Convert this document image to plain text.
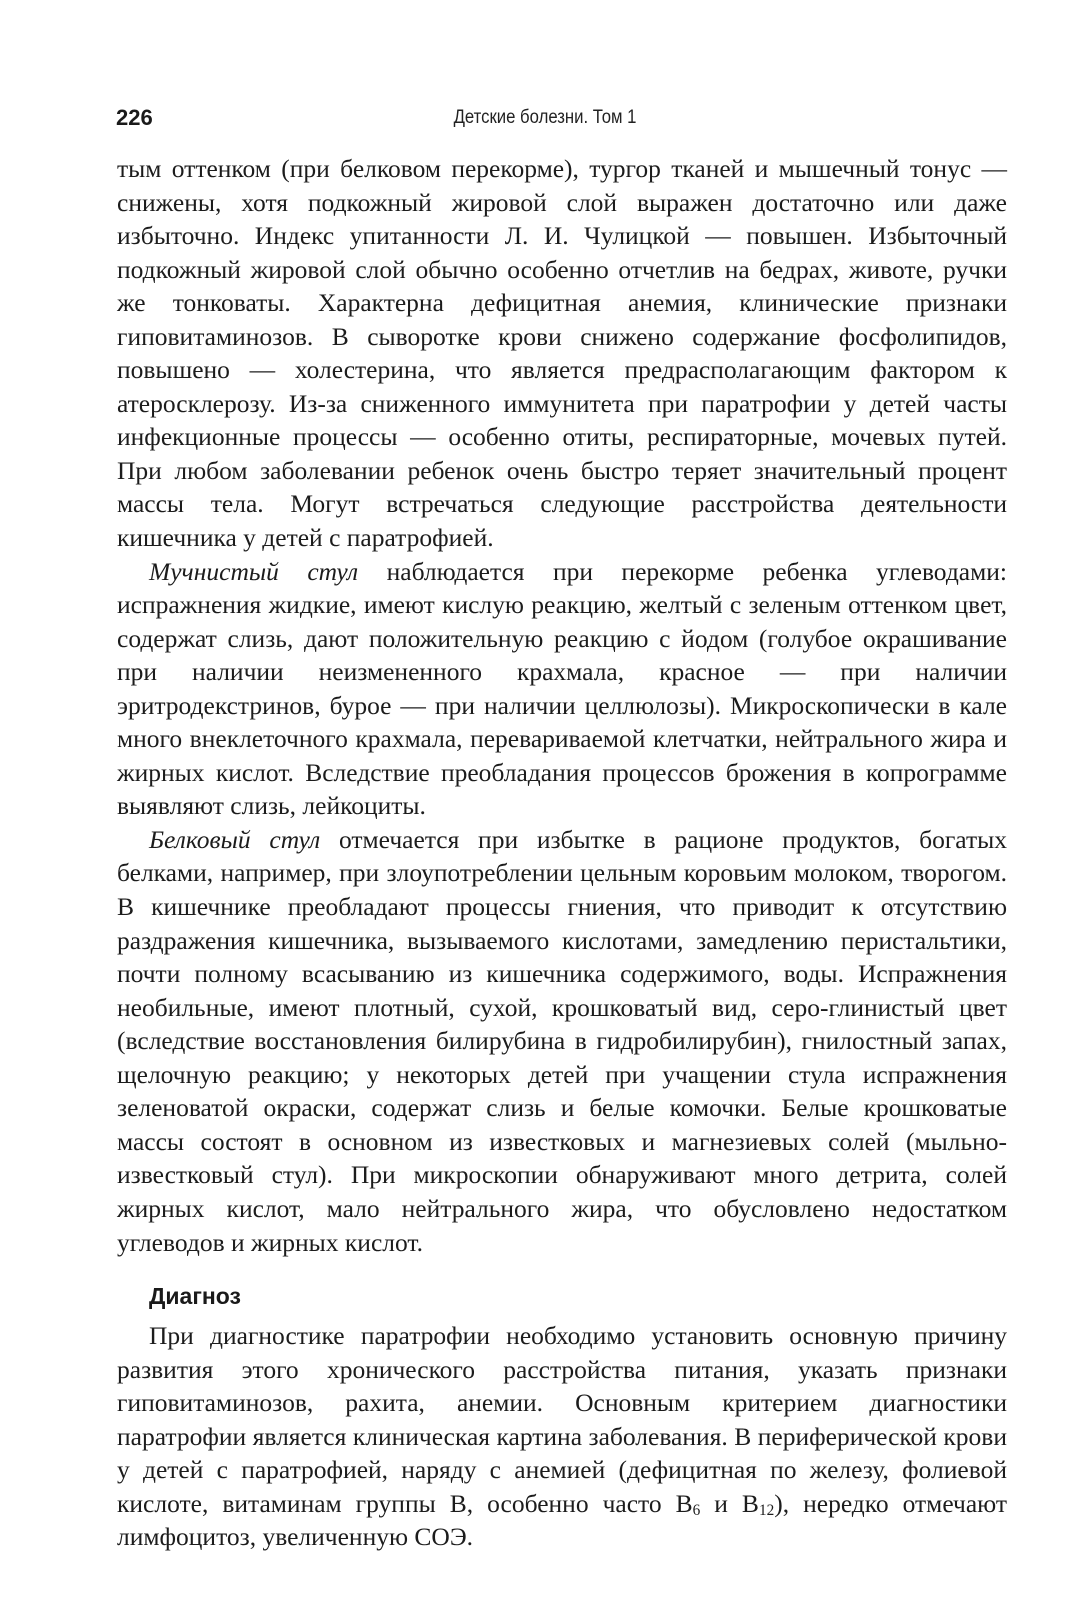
226	Детские болезни. Том 1

тым оттенком (при белковом перекорме), тургор тканей и мышечный тонус — снижены, хотя подкожный жировой слой выражен достаточно или даже избыточно. Индекс упитанности Л. И. Чулицкой — повышен. Избыточный подкожный жировой слой обычно особенно отчетлив на бедрах, животе, ручки же тонковаты. Характерна дефицитная анемия, клинические признаки гиповитаминозов. В сыворотке крови снижено содержание фосфолипидов, повышено — холестерина, что является предрасполагающим фактором к атеросклерозу. Из-за сниженного иммунитета при паратрофии у детей часты инфекционные процессы — особенно отиты, респираторные, мочевых путей. При любом заболевании ребенок очень быстро теряет значительный процент массы тела. Могут встречаться следующие расстройства деятельности кишечника у детей с паратрофией.

Мучнистый стул наблюдается при перекорме ребенка углеводами: испражнения жидкие, имеют кислую реакцию, желтый с зеленым оттенком цвет, содержат слизь, дают положительную реакцию с йодом (голубое окрашивание при наличии неизмененного крахмала, красное — при наличии эритродекстринов, бурое — при наличии целлюлозы). Микроскопически в кале много внеклеточного крахмала, перевариваемой клетчатки, нейтрального жира и жирных кислот. Вследствие преобладания процессов брожения в копрограмме выявляют слизь, лейкоциты.

Белковый стул отмечается при избытке в рационе продуктов, богатых белками, например, при злоупотреблении цельным коровьим молоком, творогом. В кишечнике преобладают процессы гниения, что приводит к отсутствию раздражения кишечника, вызываемого кислотами, замедлению перистальтики, почти полному всасыванию из кишечника содержимого, воды. Испражнения необильные, имеют плотный, сухой, крошковатый вид, серо-глинистый цвет (вследствие восстановления билирубина в гидробилирубин), гнилостный запах, щелочную реакцию; у некоторых детей при учащении стула испражнения зеленоватой окраски, содержат слизь и белые комочки. Белые крошковатые массы состоят в основном из известковых и магнезиевых солей (мыльно-известковый стул). При микроскопии обнаруживают много детрита, солей жирных кислот, мало нейтрального жира, что обусловлено недостатком углеводов и жирных кислот.

Диагноз

При диагностике паратрофии необходимо установить основную причину развития этого хронического расстройства питания, указать признаки гиповитаминозов, рахита, анемии. Основным критерием диагностики паратрофии является клиническая картина заболевания. В периферической крови у детей с паратрофией, наряду с анемией (дефицитная по железу, фолиевой кислоте, витаминам группы В, особенно часто $В_6$ и $В_{12}$), нередко отмечают лимфоцитоз, увеличенную СОЭ.
